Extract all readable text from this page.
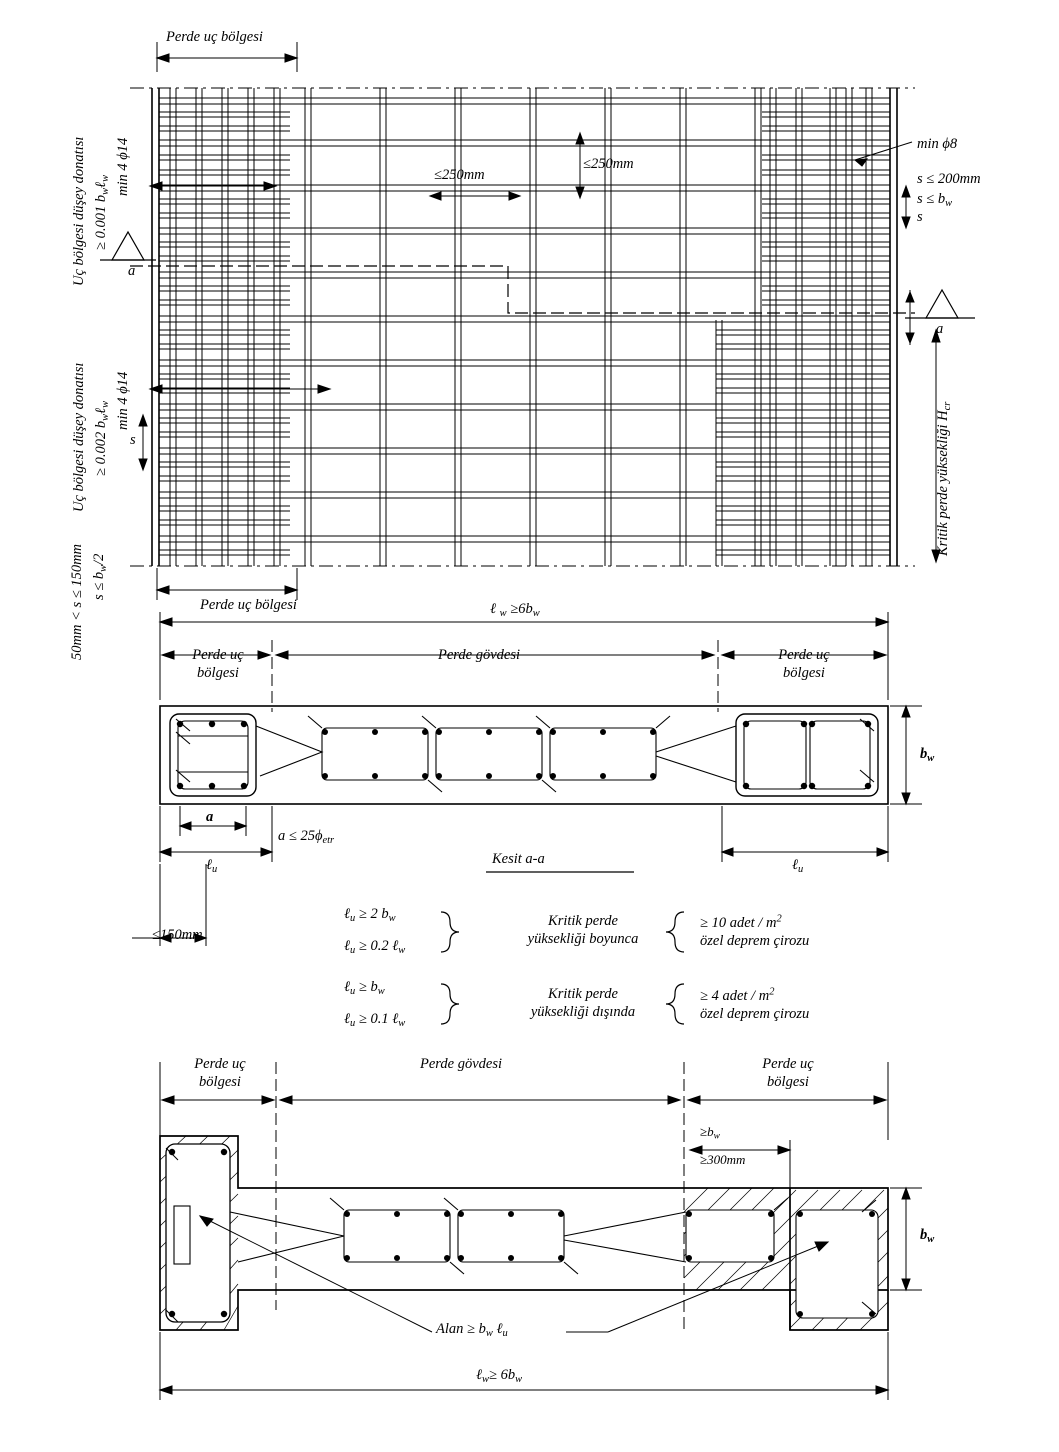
Perde uç bölgesi
Uç bölgesi düşey donatısı ≥ 0.001 $b_w\ell_w$ min 4 ϕ14
Uç bölgesi düşey donatısı ≥ 0.002 $b_w\ell_w$ min 4 ϕ14
50mm < s ≤ 150mm $s \le b_w/2$
s
a
a
≤250mm
≤250mm
min ϕ8
s ≤ 200mm
$s \le b_w$
s
Kritik perde yüksekliği $H_{cr}$
Perde uç bölgesi	ℓ $_w \ge 6b_w$
Perde uç
bölgesi
Perde gövdesi	Perde uç
bölgesi
$b_w$
a
$a \le 25\phi_{etr}$
ℓ$_u$	ℓ$_u$
≤150mm
Kesit a-a
ℓ$_u$ ≥ 2 $b_w$
ℓ$_u$ ≥ 0.2 ℓ$_w$
Kritik perde
yüksekliği boyunca
≥ 10 adet / $m^2$
özel deprem çirozu
ℓ$_u$ ≥ $b_w$
ℓ$_u$ ≥ 0.1 ℓ$_w$
Kritik perde
yüksekliği dışında
≥ 4 adet / $m^2$
özel deprem çirozu
Perde uç
bölgesi
Perde gövdesi	Perde uç
bölgesi
$\ge b_w$
≥300mm
$b_w$
Alan ≥ $b_w$ ℓ$_u$
ℓ$_w$≥ $6b_w$
